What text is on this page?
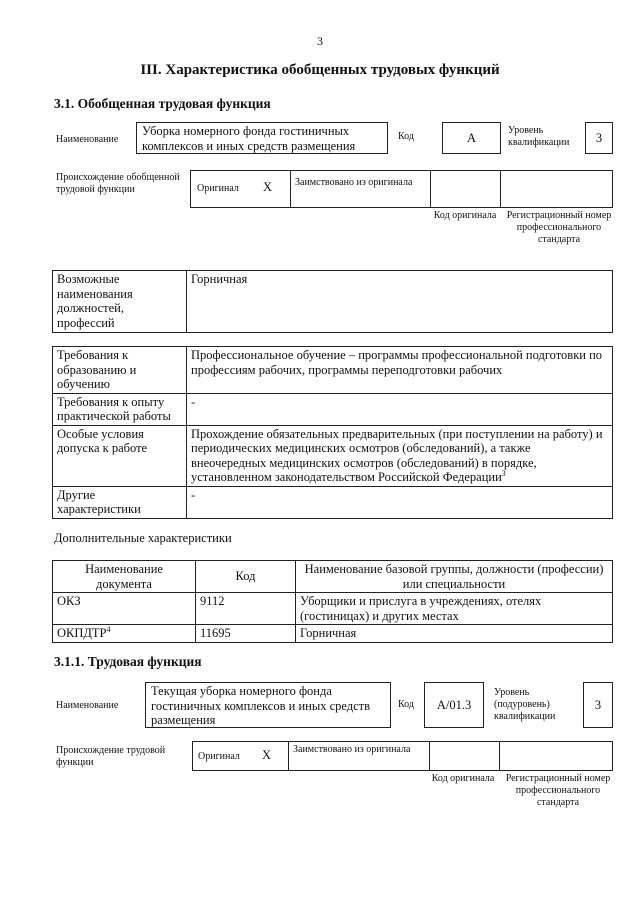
3
III. Характеристика обобщенных трудовых функций
3.1. Обобщенная трудовая функция
Наименование
Уборка номерного фонда гостиничных комплексов и иных средств размещения
Код	A
Уровень квалификации	3
Происхождение обобщенной трудовой функции	Оригинал X Заимствовано из оригинала
Код оригинала	Регистрационный номер профессионального стандарта
Возможные наименования должностей, профессий	Горничная
Требования к образованию и обучению	Профессиональное обучение – программы профессиональной подготовки по профессиям рабочих, программы переподготовки рабочих
Требования к опыту практической работы	-
Особые условия допуска к работе	Прохождение обязательных предварительных (при поступлении на работу) и периодических медицинских осмотров (обследований), а также внеочередных медицинских осмотров (обследований) в порядке, установленном законодательством Российской Федерации$^3$
Другие характеристики	-
Дополнительные характеристики
Наименование документа	Код	Наименование базовой группы, должности (профессии) или специальности
ОКЗ	9112	Уборщики и прислуга в учреждениях, отелях (гостиницах) и других местах
ОКПДТР$^4$	11695	Горничная
3.1.1. Трудовая функция
Наименование
Текущая уборка номерного фонда гостиничных комплексов и иных средств размещения
Код	A/01.3
Уровень (подуровень) квалификации
3
Происхождение трудовой функции
Оригинал X Заимствовано из оригинала
Код оригинала	Регистрационный номер профессионального стандарта
